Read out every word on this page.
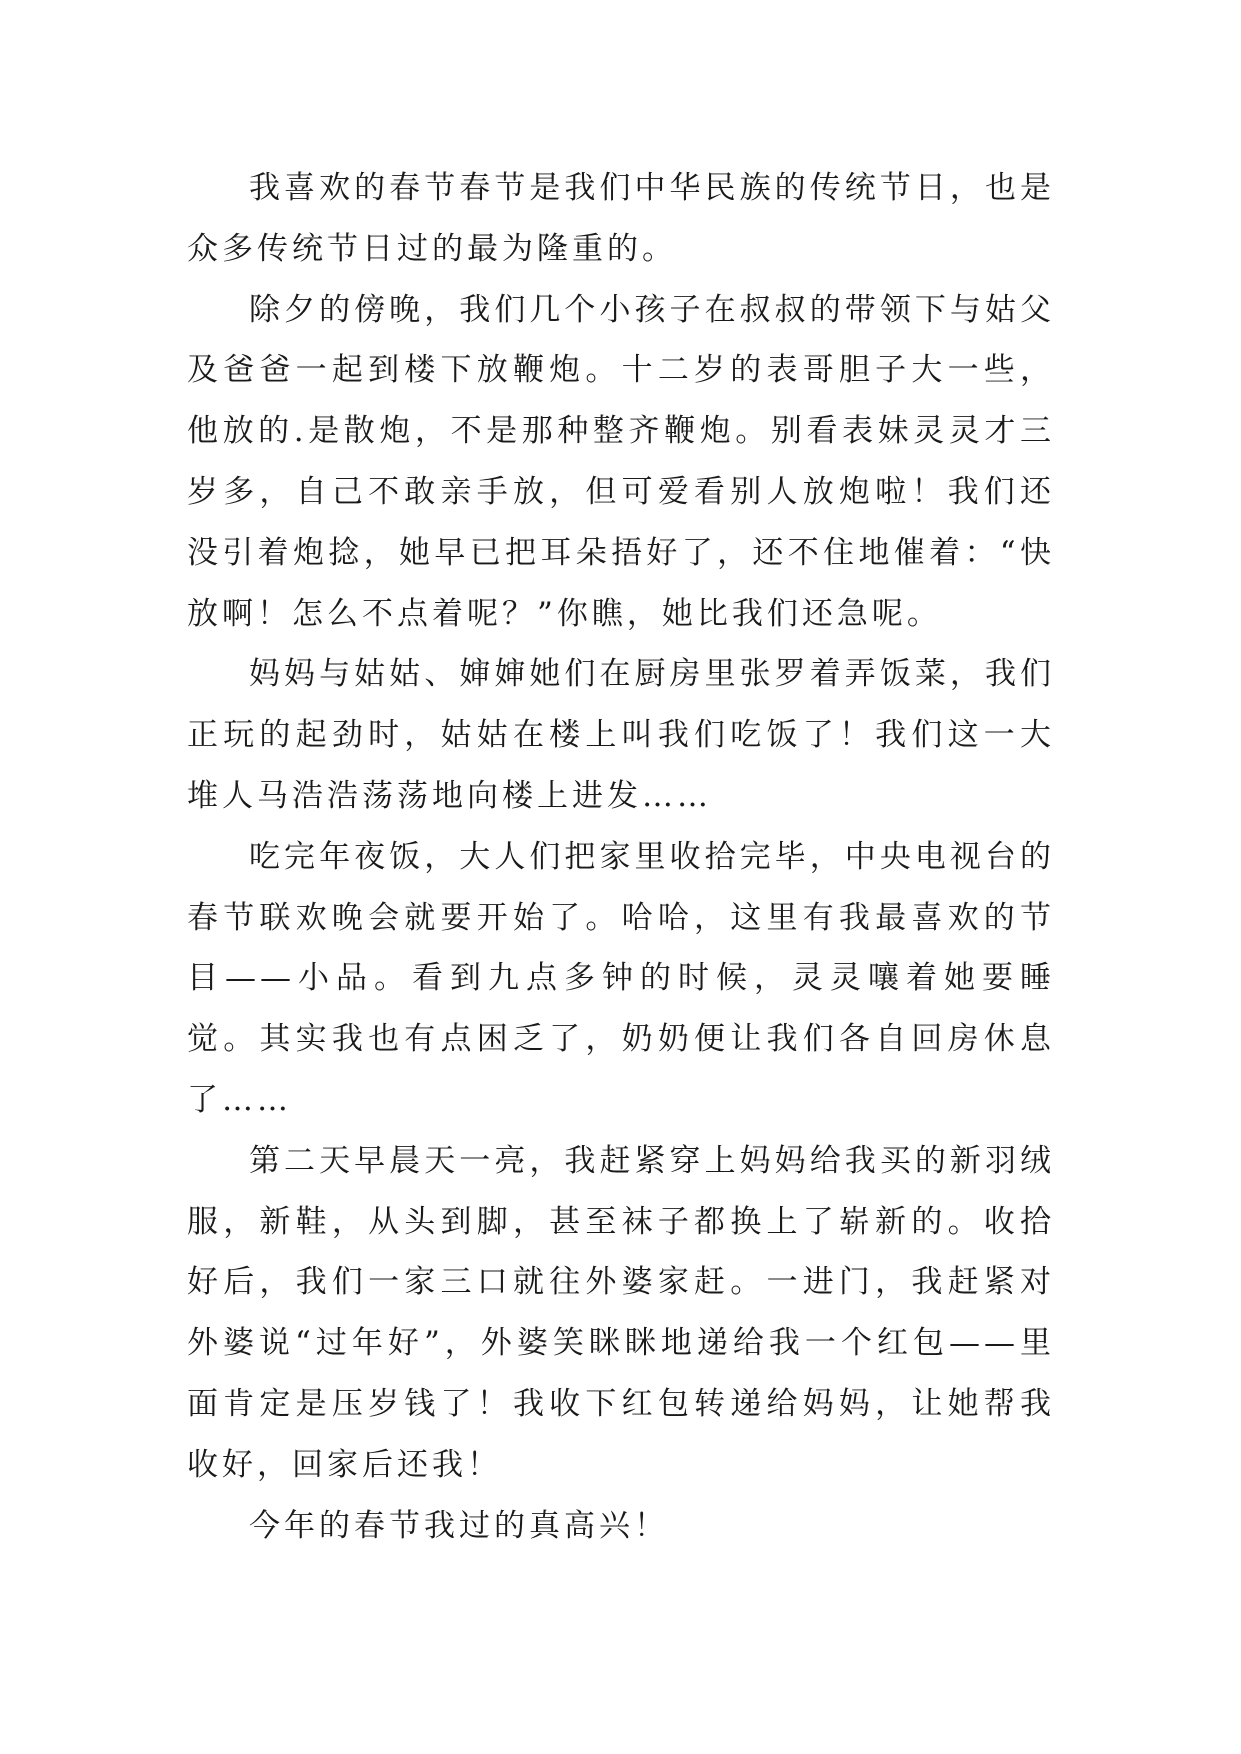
我喜欢的春节春节是我们中华民族的传统节日，也是众多传统节日过的最为隆重的。

除夕的傍晚，我们几个小孩子在叔叔的带领下与姑父及爸爸一起到楼下放鞭炮。十二岁的表哥胆子大一些，他放的.是散炮，不是那种整齐鞭炮。别看表妹灵灵才三岁多，自己不敢亲手放，但可爱看别人放炮啦！我们还没引着炮捻，她早已把耳朵捂好了，还不住地催着：“快放啊！怎么不点着呢？”你瞧，她比我们还急呢。

妈妈与姑姑、婶婶她们在厨房里张罗着弄饭菜，我们正玩的起劲时，姑姑在楼上叫我们吃饭了！我们这一大堆人马浩浩荡荡地向楼上进发……

吃完年夜饭，大人们把家里收拾完毕，中央电视台的春节联欢晚会就要开始了。哈哈，这里有我最喜欢的节目——小品。看到九点多钟的时候，灵灵嚷着她要睡觉。其实我也有点困乏了，奶奶便让我们各自回房休息了……

第二天早晨天一亮，我赶紧穿上妈妈给我买的新羽绒服，新鞋，从头到脚，甚至袜子都换上了崭新的。收拾好后，我们一家三口就往外婆家赶。一进门，我赶紧对外婆说“过年好”，外婆笑眯眯地递给我一个红包——里面肯定是压岁钱了！我收下红包转递给妈妈，让她帮我收好，回家后还我！

今年的春节我过的真高兴！
